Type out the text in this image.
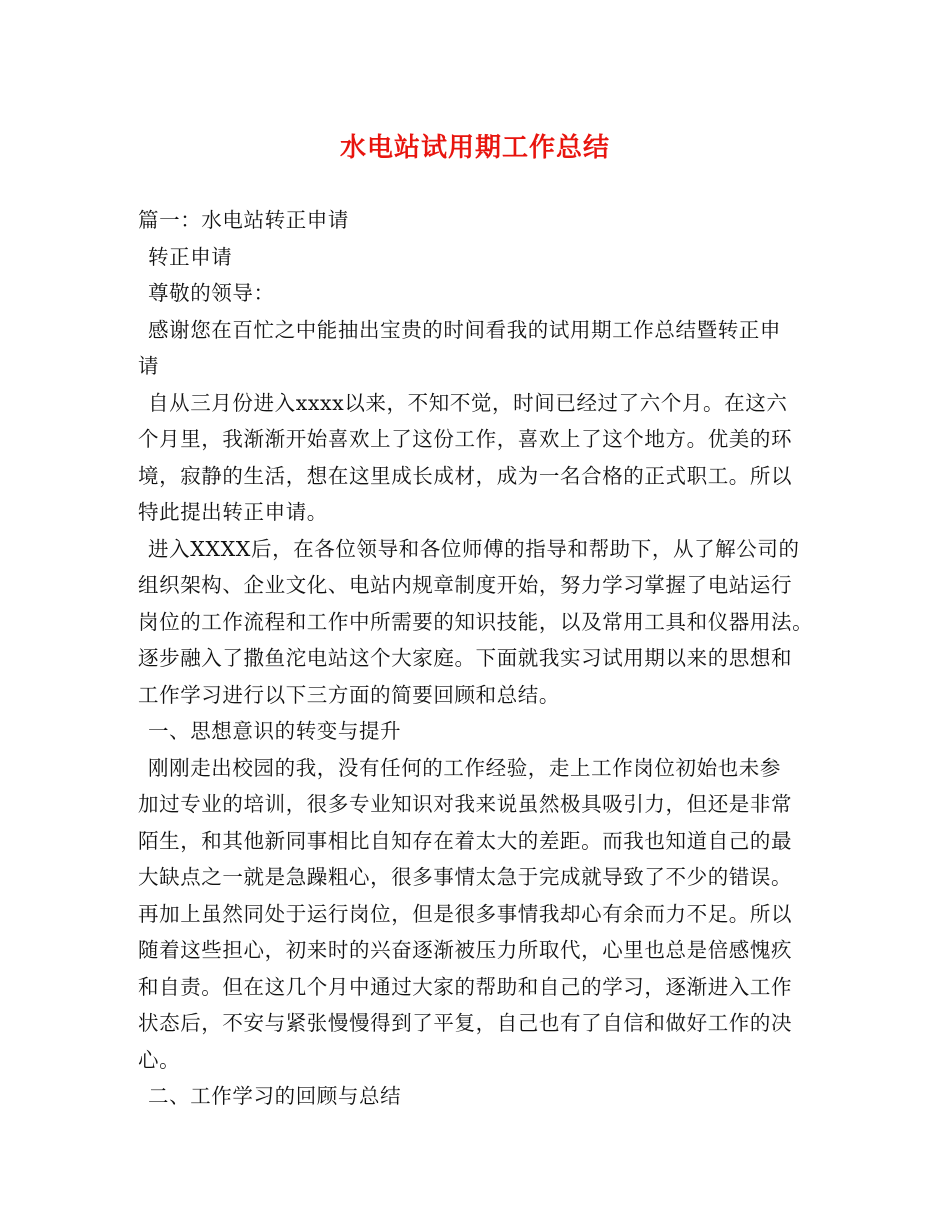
水电站试用期工作总结
篇一：水电站转正申请
转正申请
尊敬的领导：
感谢您在百忙之中能抽出宝贵的时间看我的试用期工作总结暨转正申
请
自从三月份进入xxxx以来，不知不觉，时间已经过了六个月。在这六
个月里，我渐渐开始喜欢上了这份工作，喜欢上了这个地方。优美的环
境，寂静的生活，想在这里成长成材，成为一名合格的正式职工。所以
特此提出转正申请。
进入XXXX后，在各位领导和各位师傅的指导和帮助下，从了解公司的
组织架构、企业文化、电站内规章制度开始，努力学习掌握了电站运行
岗位的工作流程和工作中所需要的知识技能，以及常用工具和仪器用法。
逐步融入了撒鱼沱电站这个大家庭。下面就我实习试用期以来的思想和
工作学习进行以下三方面的简要回顾和总结。
一、思想意识的转变与提升
刚刚走出校园的我，没有任何的工作经验，走上工作岗位初始也未参
加过专业的培训，很多专业知识对我来说虽然极具吸引力，但还是非常
陌生，和其他新同事相比自知存在着太大的差距。而我也知道自己的最
大缺点之一就是急躁粗心，很多事情太急于完成就导致了不少的错误。
再加上虽然同处于运行岗位，但是很多事情我却心有余而力不足。所以
随着这些担心，初来时的兴奋逐渐被压力所取代，心里也总是倍感愧疚
和自责。但在这几个月中通过大家的帮助和自己的学习，逐渐进入工作
状态后，不安与紧张慢慢得到了平复，自己也有了自信和做好工作的决
心。
二、工作学习的回顾与总结
